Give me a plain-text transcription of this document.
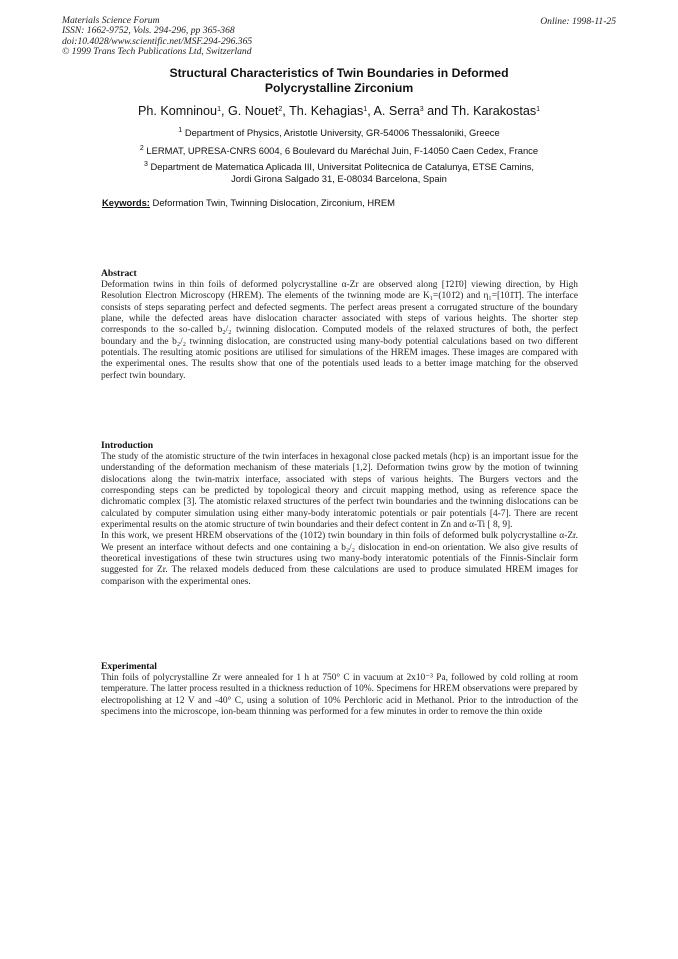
Materials Science Forum
ISSN: 1662-9752, Vols. 294-296, pp 365-368
doi:10.4028/www.scientific.net/MSF.294-296.365
© 1999 Trans Tech Publications Ltd, Switzerland
Online: 1998-11-25
Structural Characteristics of Twin Boundaries in Deformed
Polycrystalline Zirconium
Ph. Komninou$^1$, G. Nouet$^2$, Th. Kehagias$^1$, A. Serra$^3$ and Th. Karakostas$^1$
$^1$ Department of Physics, Aristotle University, GR-54006 Thessaloniki, Greece
$^2$ LERMAT, UPRESA-CNRS 6004, 6 Boulevard du Maréchal Juin, F-14050 Caen Cedex, France
$^3$ Department de Matematica Aplicada III, Universitat Politecnica de Catalunya, ETSE Camins,
Jordi Girona Salgado 31, E-08034 Barcelona, Spain
Keywords: Deformation Twin, Twinning Dislocation, Zirconium, HREM
Abstract

Deformation twins in thin foils of deformed polycrystalline α-Zr are observed along [1̄21̄0] viewing direction, by High Resolution Electron Microscopy (HREM). The elements of the twinning mode are K₁=(101̄2) and η₁=[101̄1̄]. The interface consists of steps separating perfect and defected segments. The perfect areas present a corrugated structure of the boundary plane, while the defected areas have dislocation character associated with steps of various heights. The shorter step corresponds to the so-called b₂/₂ twinning dislocation. Computed models of the relaxed structures of both, the perfect boundary and the b₂/₂ twinning dislocation, are constructed using many-body potential calculations based on two different potentials. The resulting atomic positions are utilised for simulations of the HREM images. These images are compared with the experimental ones. The results show that one of the potentials used leads to a better image matching for the observed perfect twin boundary.

Introduction

The study of the atomistic structure of the twin interfaces in hexagonal close packed metals (hcp) is an important issue for the understanding of the deformation mechanism of these materials [1,2]. Deformation twins grow by the motion of twinning dislocations along the twin-matrix interface, associated with steps of various heights. The Burgers vectors and the corresponding steps can be predicted by topological theory and circuit mapping method, using as reference space the dichromatic complex [3]. The atomistic relaxed structures of the perfect twin boundaries and the twinning dislocations can be calculated by computer simulation using either many-body interatomic potentials or pair potentials [4-7]. There are recent experimental results on the atomic structure of twin boundaries and their defect content in Zn and α-Ti [ 8, 9].

In this work, we present HREM observations of the (101̄2) twin boundary in thin foils of deformed bulk polycrystalline α-Zr. We present an interface without defects and one containing a b₂/₂ dislocation in end-on orientation. We also give results of theoretical investigations of these twin structures using two many-body interatomic potentials of the Finnis-Sinclair form suggested for Zr. The relaxed models deduced from these calculations are used to produce simulated HREM images for comparison with the experimental ones.

Experimental

Thin foils of polycrystalline Zr were annealed for 1 h at 750° C in vacuum at 2x10⁻³ Pa, followed by cold rolling at room temperature. The latter process resulted in a thickness reduction of 10%. Specimens for HREM observations were prepared by electropolishing at 12 V and -40° C, using a solution of 10% Perchloric acid in Methanol. Prior to the introduction of the specimens into the microscope, ion-beam thinning was performed for a few minutes in order to remove the thin oxide
